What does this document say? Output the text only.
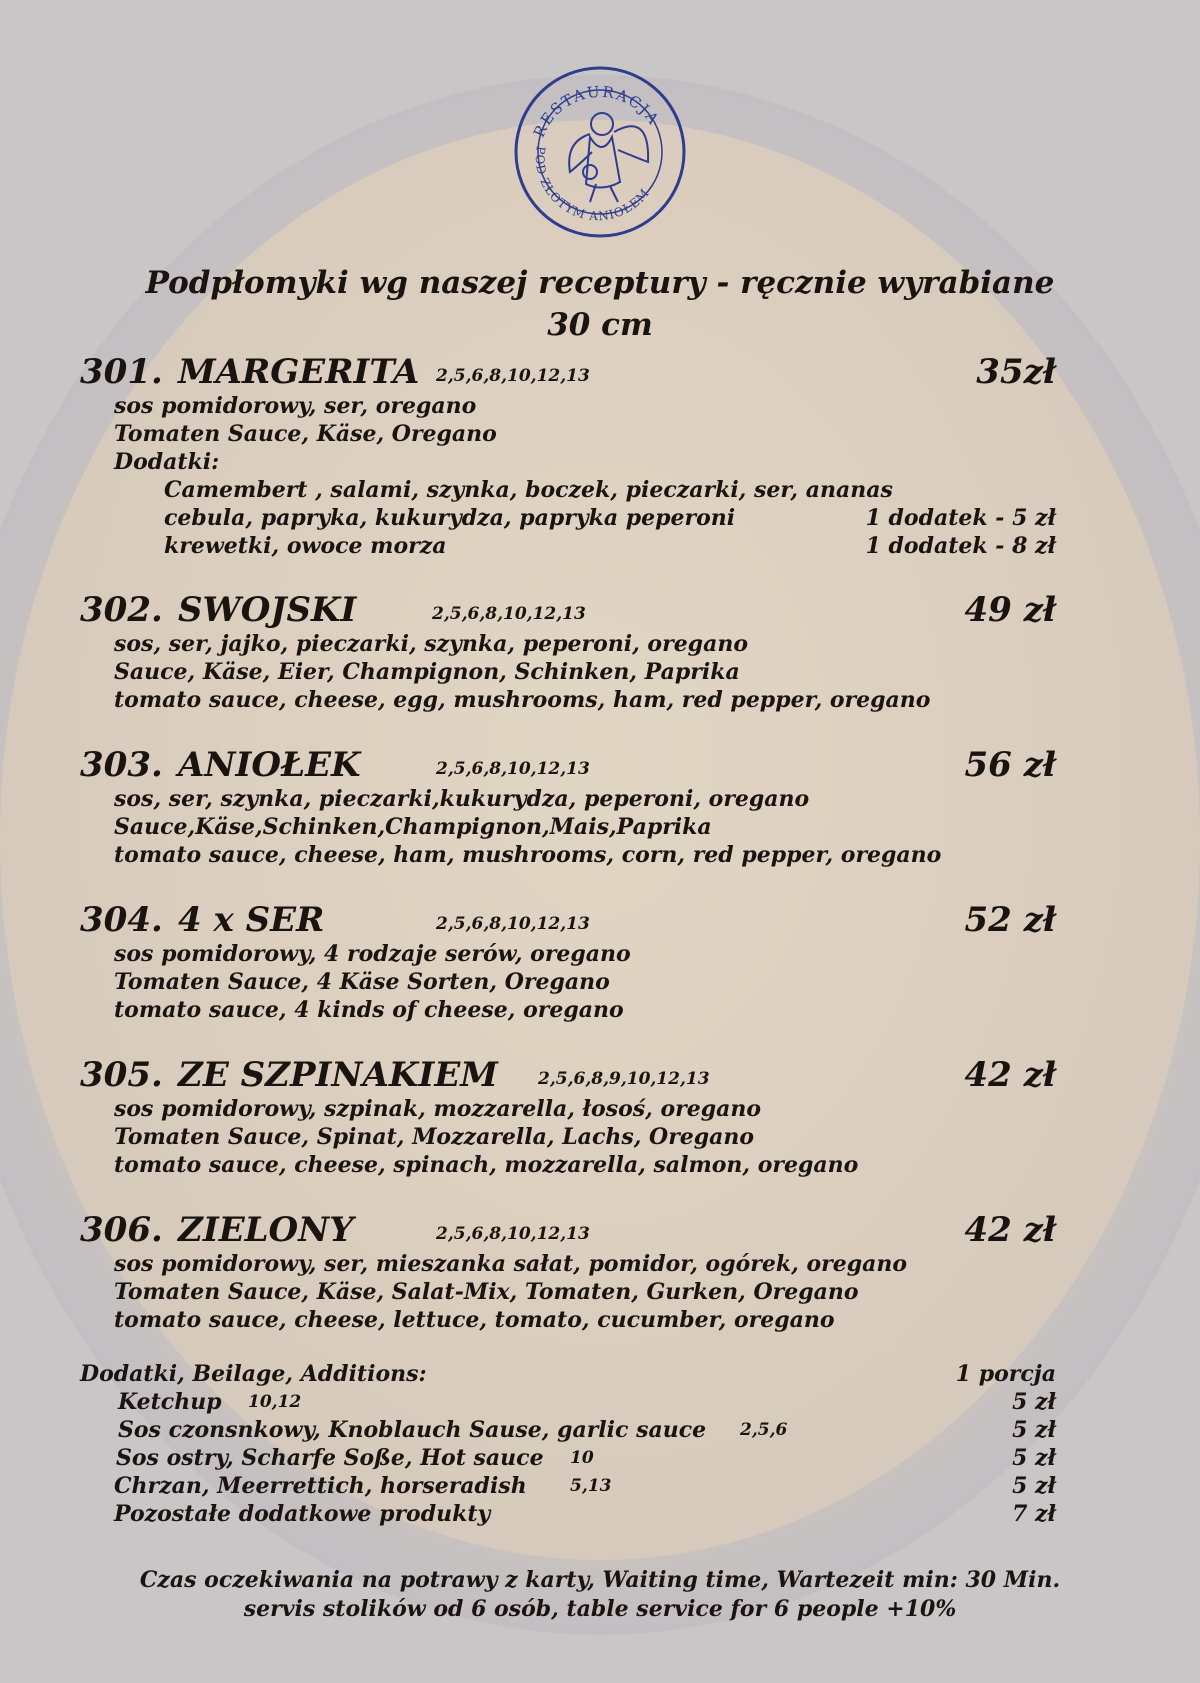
RESTAURACJA
POD ZŁOTYM ANIOŁEM
Podpłomyki wg naszej receptury - ręcznie wyrabiane
30 cm
301. MARGERITA 2,5,6,8,10,12,13	35zł
sos pomidorowy, ser, oregano
Tomaten Sauce, Käse, Oregano
Dodatki:
Camembert , salami, szynka, boczek, pieczarki, ser, ananas
cebula, papryka, kukurydza, papryka peperoni	1 dodatek - 5 zł
krewetki, owoce morza	1 dodatek - 8 zł
302. SWOJSKI	2,5,6,8,10,12,13	49 zł
sos, ser, jajko, pieczarki, szynka, peperoni, oregano
Sauce, Käse, Eier, Champignon, Schinken, Paprika
tomato sauce, cheese, egg, mushrooms, ham, red pepper, oregano
303. ANIOŁEK	2,5,6,8,10,12,13	56 zł
sos, ser, szynka, pieczarki,kukurydza, peperoni, oregano
Sauce,Käse,Schinken,Champignon,Mais,Paprika
tomato sauce, cheese, ham, mushrooms, corn, red pepper, oregano
304. 4 x SER	2,5,6,8,10,12,13	52 zł
sos pomidorowy, 4 rodzaje serów, oregano
Tomaten Sauce, 4 Käse Sorten, Oregano
tomato sauce, 4 kinds of cheese, oregano
305. ZE SZPINAKIEM 2,5,6,8,9,10,12,13	42 zł
sos pomidorowy, szpinak, mozzarella, łosoś, oregano
Tomaten Sauce, Spinat, Mozzarella, Lachs, Oregano
tomato sauce, cheese, spinach, mozzarella, salmon, oregano
306. ZIELONY	2,5,6,8,10,12,13	42 zł
sos pomidorowy, ser, mieszanka sałat, pomidor, ogórek, oregano
Tomaten Sauce, Käse, Salat-Mix, Tomaten, Gurken, Oregano
tomato sauce, cheese, lettuce, tomato, cucumber, oregano
Dodatki, Beilage, Additions:	1 porcja
Ketchup 10,12	5 zł
Sos czonsnkowy, Knoblauch Sause, garlic sauce 2,5,6	5 zł
Sos ostry, Scharfe Soße, Hot sauce 10	5 zł
Chrzan, Meerrettich, horseradish	5,13	5 zł
Pozostałe dodatkowe produkty	7 zł
Czas oczekiwania na potrawy z karty, Waiting time, Wartezeit min: 30 Min.
servis stolików od 6 osób, table service for 6 people +10%
